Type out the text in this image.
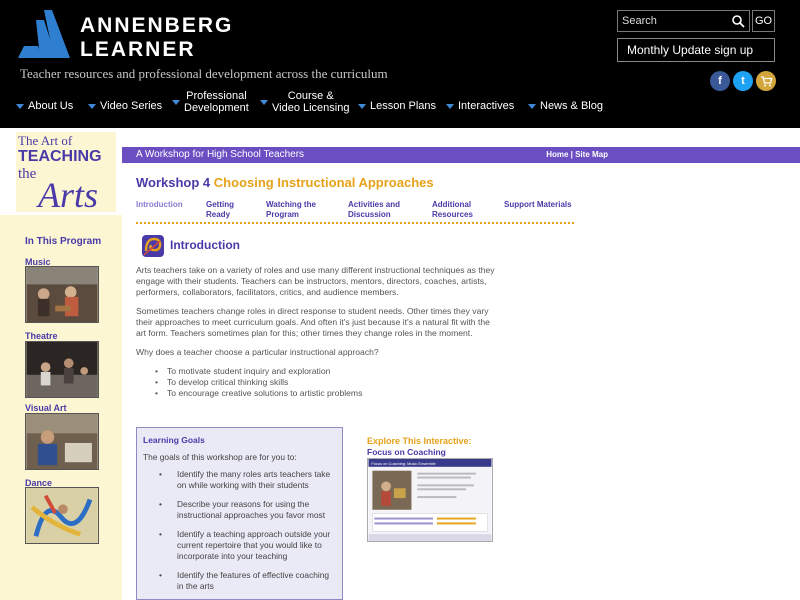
ANNENBERG
LEARNER
Teacher resources and professional development across the curriculum
Search
GO
Monthly Update sign up
f	t
About Us Video Series
Professional
Development
Course &
Video Licensing Lesson Plans Interactives News & Blog
The Art of
TEACHING
the
Arts
A Workshop for High School Teachers	Home | Site Map
In This Program
Music
Theatre
Visual Art
Dance
Workshop 4 Choosing Instructional Approaches
Introduction	Getting
Ready
Watching the
Program
Activities and
Discussion
Additional
Resources
Support Materials
Introduction

Arts teachers take on a variety of roles and use many different instructional techniques as they engage with their students. Teachers can be instructors, mentors, directors, coaches, artists, performers, collaborators, facilitators, critics, and audience members.

Sometimes teachers change roles in direct response to student needs. Other times they vary their approaches to meet curriculum goals. And often it's just because it's a natural fit with the art form. Teachers sometimes plan for this; other times they change roles in the moment.

Why does a teacher choose a particular instructional approach?

• To motivate student inquiry and exploration
• To develop critical thinking skills
• To encourage creative solutions to artistic problems
Learning Goals
The goals of this workshop are for you to:
• Identify the many roles arts teachers take on while working with their students
• Describe your reasons for using the instructional approaches you favor most
• Identify a teaching approach outside your current repertoire that you would like to incorporate into your teaching
• Identify the features of effective coaching in the arts
Explore This Interactive:
Focus on Coaching
Focus on Coaching: Music Ensemble
